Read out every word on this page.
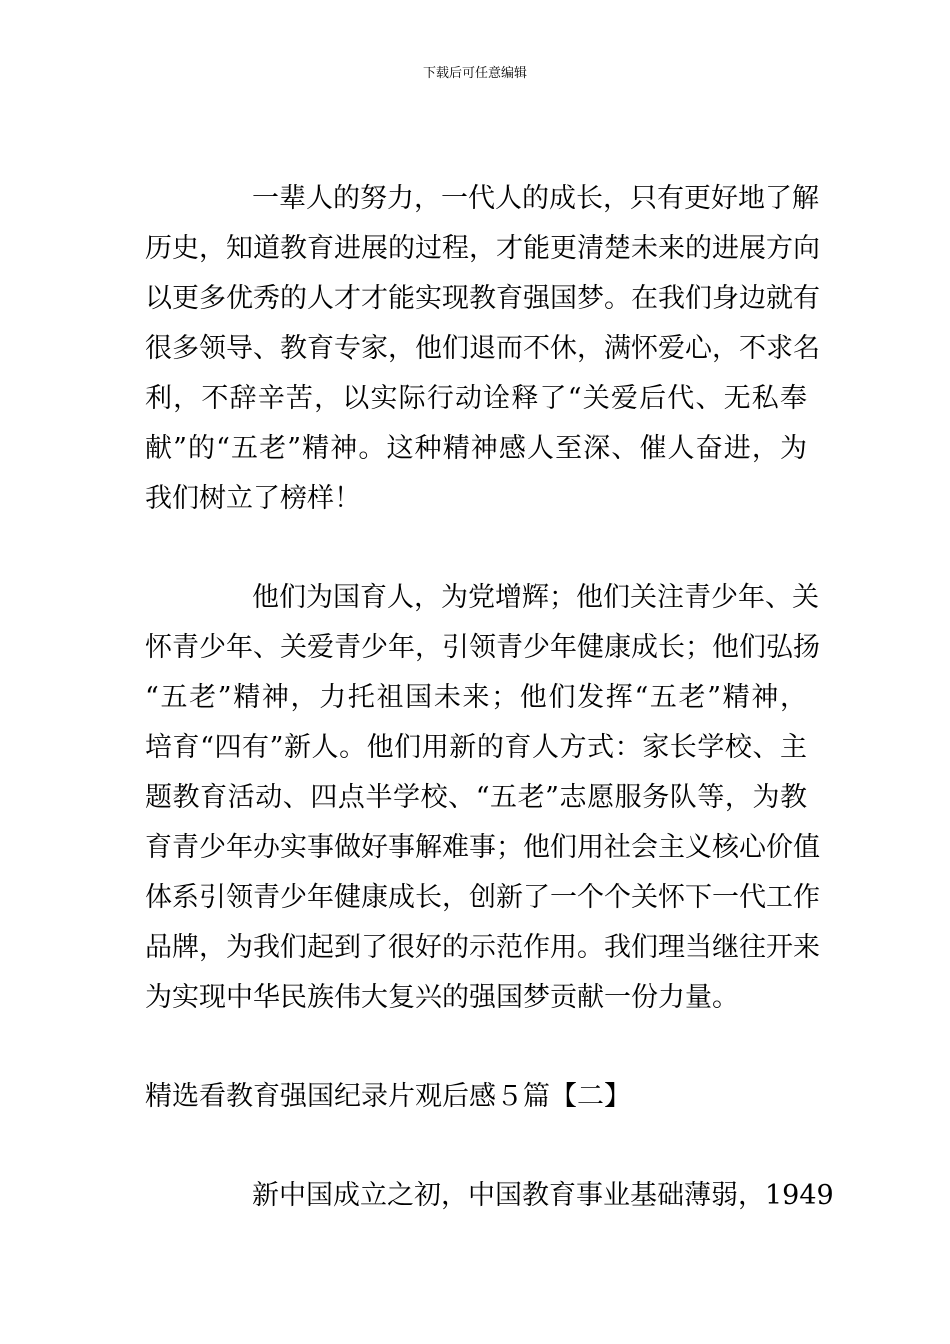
下载后可任意编辑
一辈人的努力，一代人的成长，只有更好地了解
历史，知道教育进展的过程，才能更清楚未来的进展方向
以更多优秀的人才才能实现教育强国梦。在我们身边就有
很多领导、教育专家，他们退而不休，满怀爱心，不求名
利，不辞辛苦，以实际行动诠释了“关爱后代、无私奉
献”的“五老”精神。这种精神感人至深、催人奋进，为
我们树立了榜样！
他们为国育人，为党增辉；他们关注青少年、关
怀青少年、关爱青少年，引领青少年健康成长；他们弘扬
“五老”精神，力托祖国未来；他们发挥“五老”精神，
培育“四有”新人。他们用新的育人方式：家长学校、主
题教育活动、四点半学校、“五老”志愿服务队等，为教
育青少年办实事做好事解难事；他们用社会主义核心价值
体系引领青少年健康成长，创新了一个个关怀下一代工作
品牌，为我们起到了很好的示范作用。我们理当继往开来
为实现中华民族伟大复兴的强国梦贡献一份力量。
精选看教育强国纪录片观后感５篇【二】
新中国成立之初，中国教育事业基础薄弱，1949
